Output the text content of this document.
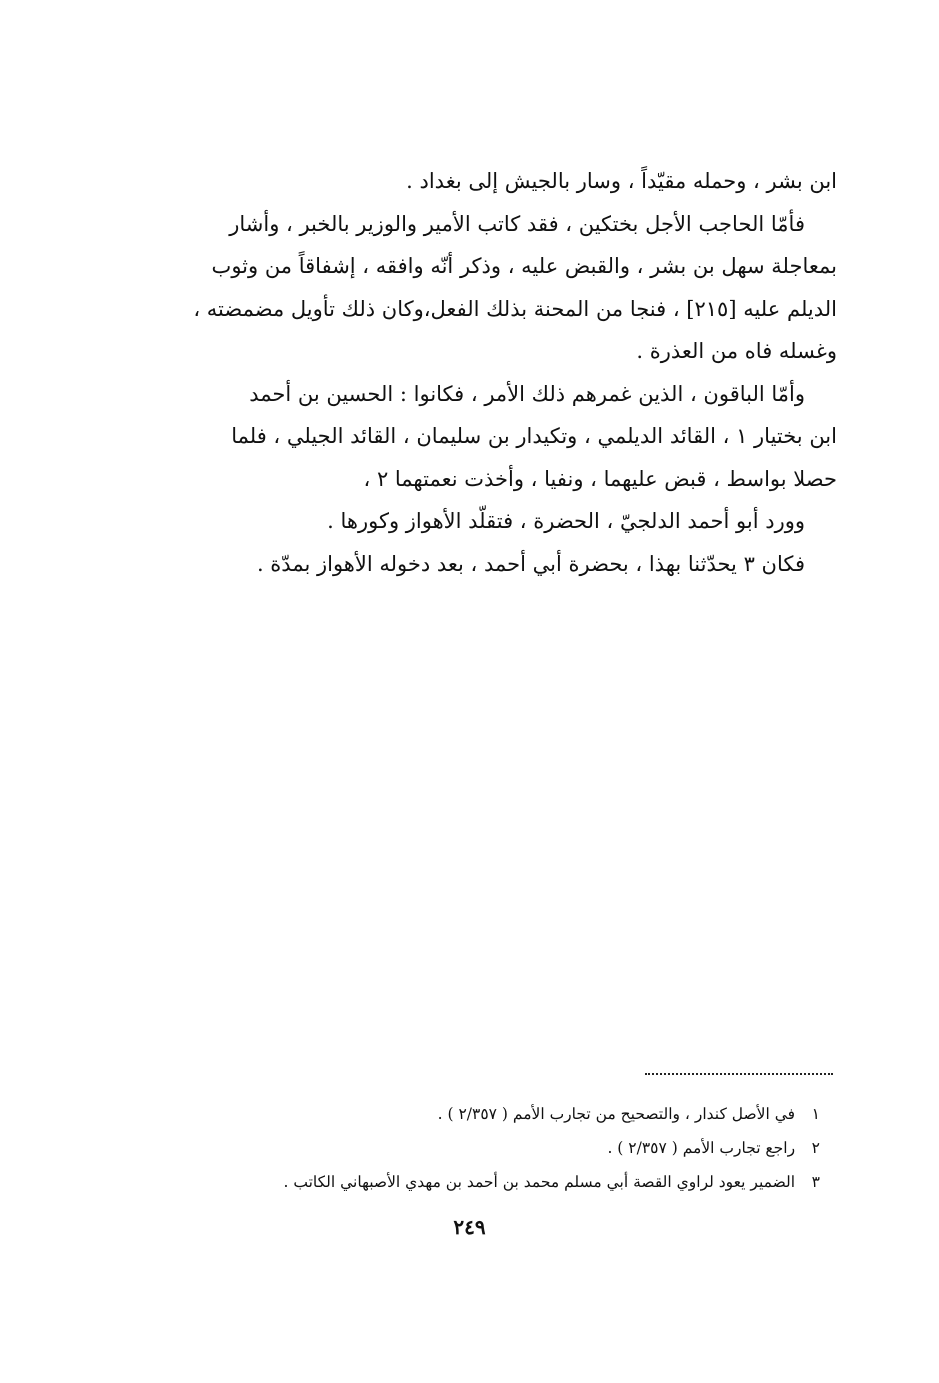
ابن بشر ، وحمله مقيّداً ، وسار بالجيش إلى بغداد .

فأمّا الحاجب الأجل بختكين ، فقد كاتب الأمير والوزير بالخبر ، وأشار
بمعاجلة سهل بن بشر ، والقبض عليه ، وذكر أنّه وافقه ، إشفاقاً من وثوب
الديلم عليه [٢١٥] ، فنجا من المحنة بذلك الفعل،وكان ذلك تأويل مضمضته ،
وغسله فاه من العذرة .

وأمّا الباقون ، الذين غمرهم ذلك الأمر ، فكانوا : الحسين بن أحمد
ابن بختيار ١ ، القائد الديلمي ، وتكيدار بن سليمان ، القائد الجيلي ، فلما
حصلا بواسط ، قبض عليهما ، ونفيا ، وأخذت نعمتهما ٢ ،

وورد أبو أحمد الدلجيّ ، الحضرة ، فتقلّد الأهواز وكورها .

فكان ٣ يحدّثنا بهذا ، بحضرة أبي أحمد ، بعد دخوله الأهواز بمدّة .

١ في الأصل كندار ، والتصحيح من تجارب الأمم ( ٢/٣٥٧ ) .
٢ راجع تجارب الأمم ( ٢/٣٥٧ ) .
٣ الضمير يعود لراوي القصة أبي مسلم محمد بن أحمد بن مهدي الأصبهاني الكاتب .
٢٤٩
